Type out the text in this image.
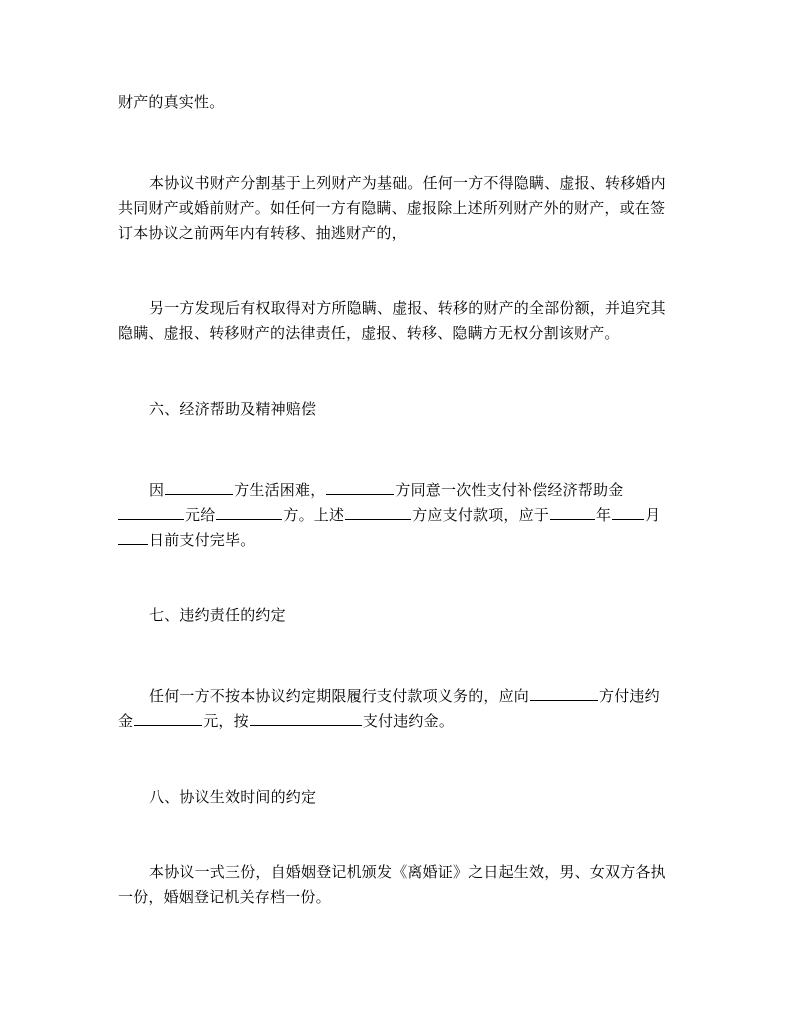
财产的真实性。
本协议书财产分割基于上列财产为基础。任何一方不得隐瞒、虚报、转移婚内
共同财产或婚前财产。如任何一方有隐瞒、虚报除上述所列财产外的财产，或在签
订本协议之前两年内有转移、抽逃财产的，
另一方发现后有权取得对方所隐瞒、虚报、转移的财产的全部份额，并追究其
隐瞒、虚报、转移财产的法律责任，虚报、转移、隐瞒方无权分割该财产。
六、经济帮助及精神赔偿
因	方生活困难，	方同意一次性支付补偿经济帮助金
元给	方。上述	方应支付款项，应于	年 月
日前支付完毕。
七、违约责任的约定
任何一方不按本协议约定期限履行支付款项义务的，应向	方付违约
金	元，按	支付违约金。
八、协议生效时间的约定
本协议一式三份，自婚姻登记机颁发《离婚证》之日起生效，男、女双方各执
一份，婚姻登记机关存档一份。
